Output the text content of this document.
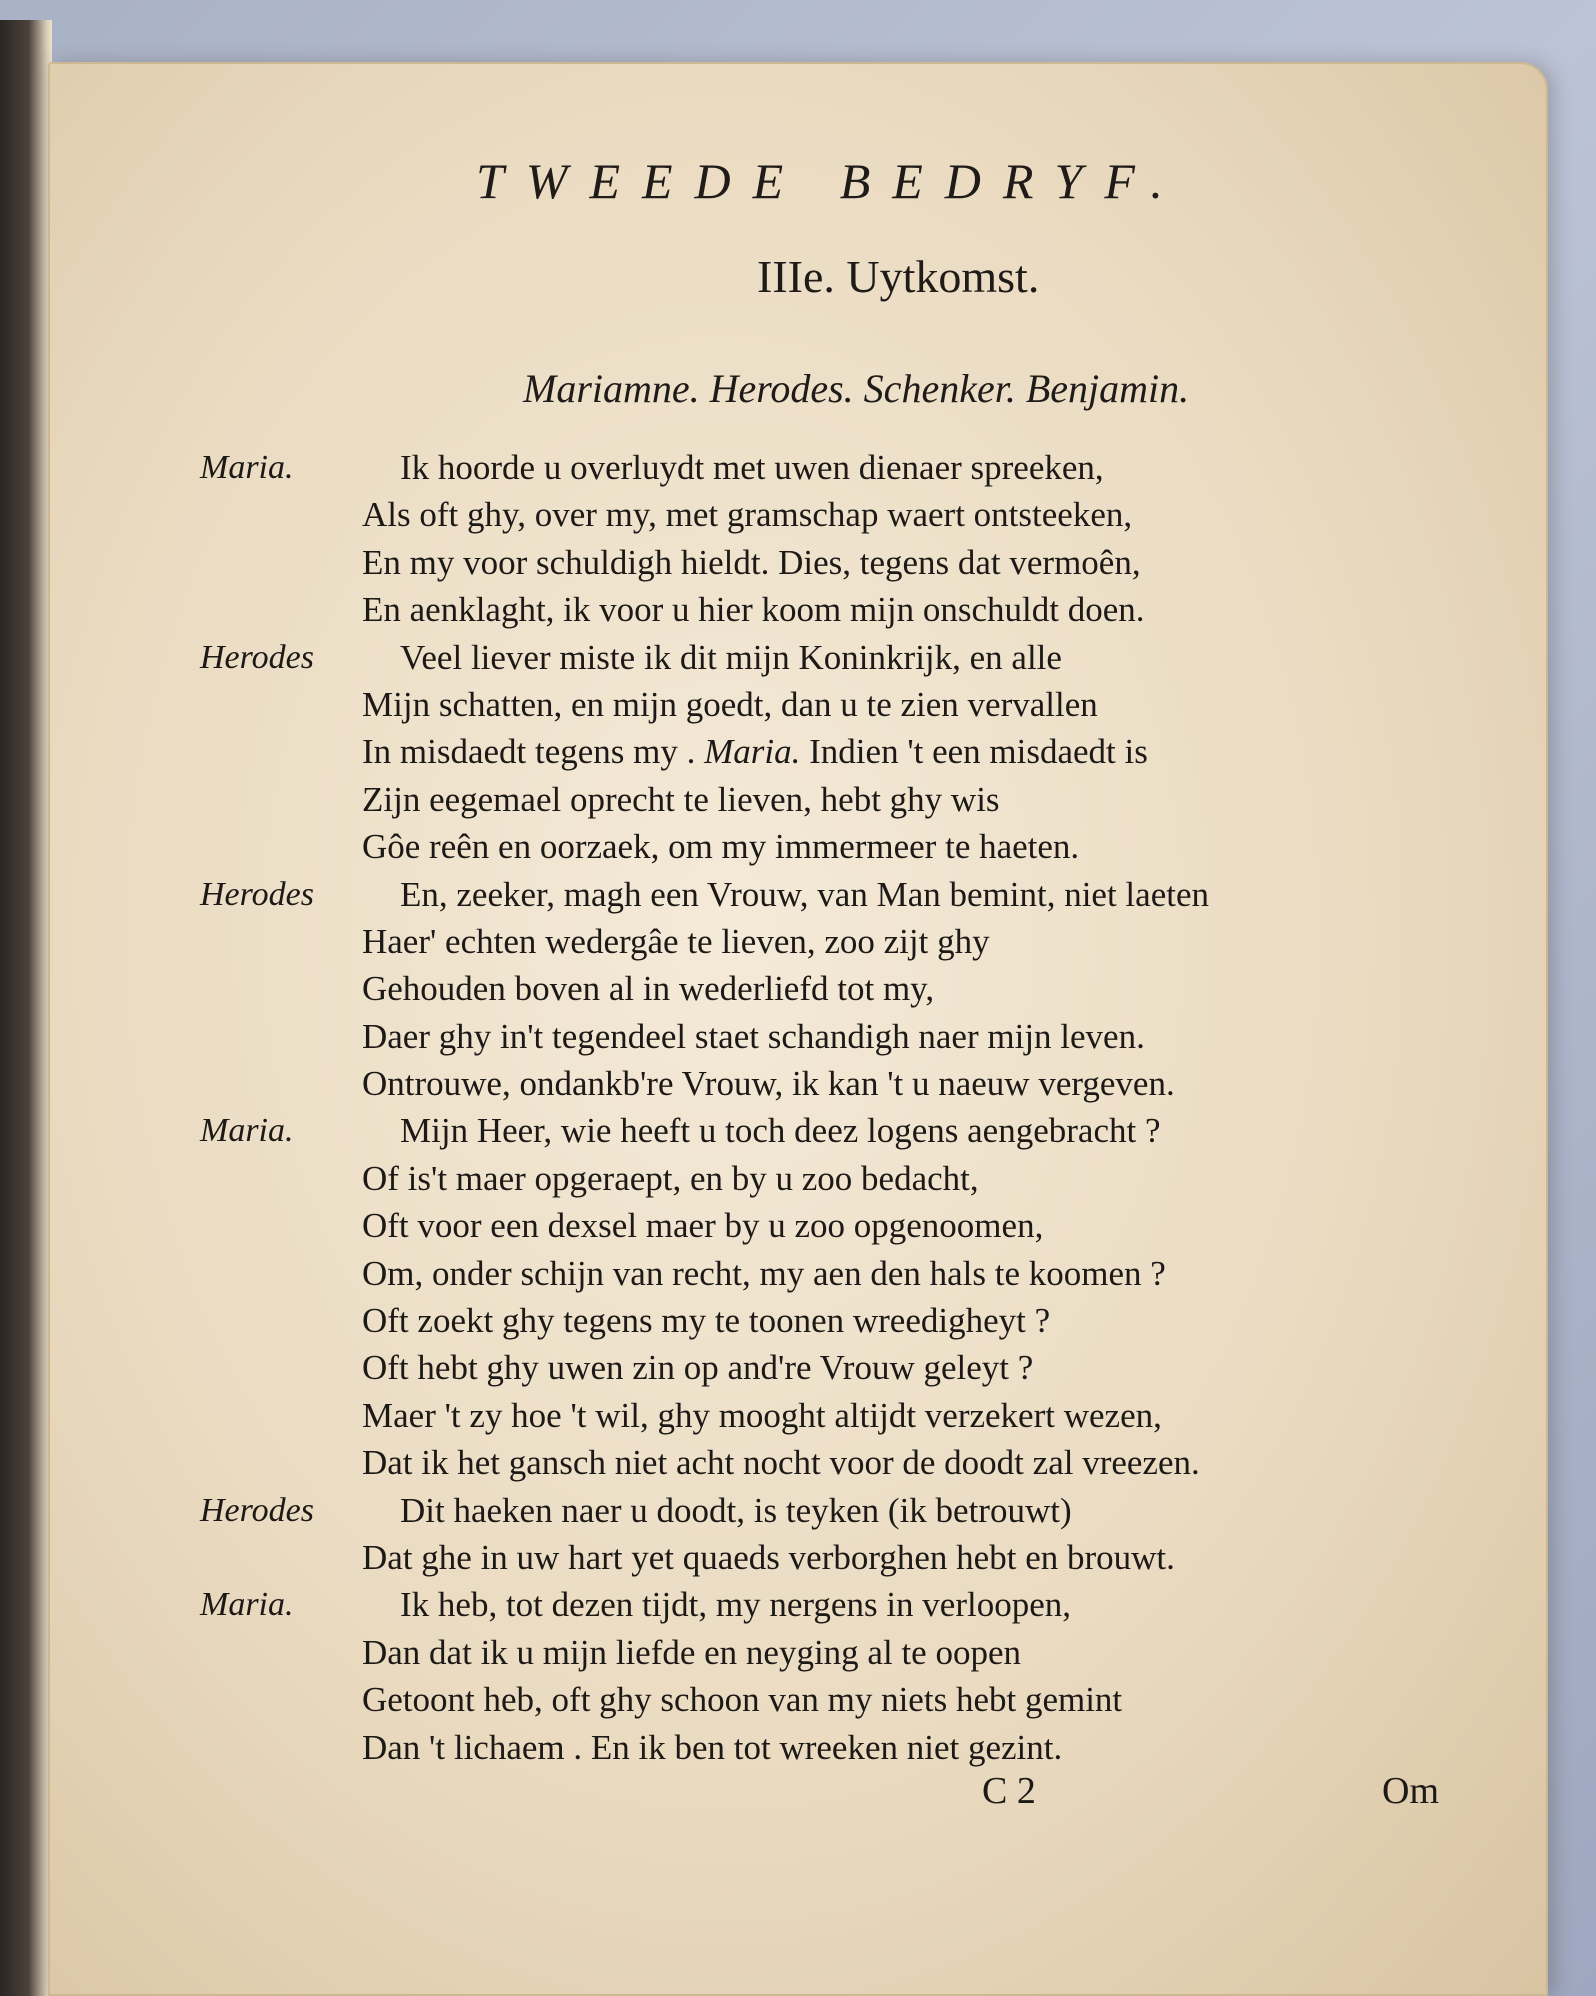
TWEEDE BEDRYF.
IIIe. Uytkomst.
Mariamne. Herodes. Schenker. Benjamin.
Maria.	Ik hoorde u overluydt met uwen dienaer spreeken,
Als oft ghy, over my, met gramschap waert ontsteeken,
En my voor schuldigh hieldt. Dies, tegens dat vermoên,
En aenklaght, ik voor u hier koom mijn onschuldt doen.
Herodes Veel liever miste ik dit mijn Koninkrijk, en alle
Mijn schatten, en mijn goedt, dan u te zien vervallen
In misdaedt tegens my . Maria. Indien 't een misdaedt is
Zijn eegemael oprecht te lieven, hebt ghy wis
Gôe reên en oorzaek, om my immermeer te haeten.
Herodes En, zeeker, magh een Vrouw, van Man bemint, niet laeten
Haer' echten wedergâe te lieven, zoo zijt ghy
Gehouden boven al in wederliefd tot my,
Daer ghy in't tegendeel staet schandigh naer mijn leven.
Ontrouwe, ondankb're Vrouw, ik kan 't u naeuw vergeven.
Maria.	Mijn Heer, wie heeft u toch deez logens aengebracht ?
Of is't maer opgeraept, en by u zoo bedacht,
Oft voor een dexsel maer by u zoo opgenoomen,
Om, onder schijn van recht, my aen den hals te koomen ?
Oft zoekt ghy tegens my te toonen wreedigheyt ?
Oft hebt ghy uwen zin op and're Vrouw geleyt ?
Maer 't zy hoe 't wil, ghy mooght altijdt verzekert wezen,
Dat ik het gansch niet acht nocht voor de doodt zal vreezen.
Herodes Dit haeken naer u doodt, is teyken (ik betrouwt)
Dat ghe in uw hart yet quaeds verborghen hebt en brouwt.
Maria.	Ik heb, tot dezen tijdt, my nergens in verloopen,
Dan dat ik u mijn liefde en neyging al te oopen
Getoont heb, oft ghy schoon van my niets hebt gemint
Dan 't lichaem . En ik ben tot wreeken niet gezint.
C 2	Om
